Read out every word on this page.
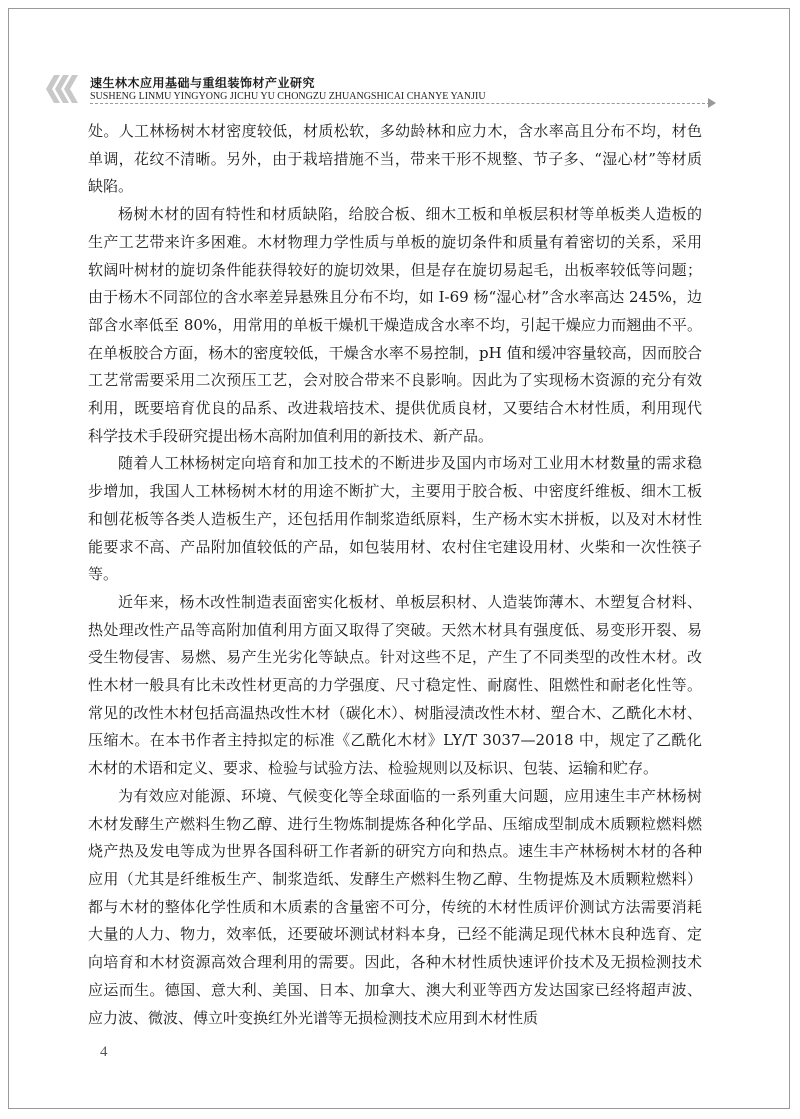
速生林木应用基础与重组装饰材产业研究
SUSHENG LINMU YINGYONG JICHU YU CHONGZU ZHUANGSHICAI CHANYE YANJIU

处。人工林杨树木材密度较低，材质松软，多幼龄林和应力木，含水率高且分布不均，材色单调，花纹不清晰。另外，由于栽培措施不当，带来干形不规整、节子多、“湿心材”等材质缺陷。

杨树木材的固有特性和材质缺陷，给胶合板、细木工板和单板层积材等单板类人造板的生产工艺带来许多困难。木材物理力学性质与单板的旋切条件和质量有着密切的关系，采用软阔叶树材的旋切条件能获得较好的旋切效果，但是存在旋切易起毛，出板率较低等问题；由于杨木不同部位的含水率差异悬殊且分布不均，如 I-69 杨“湿心材”含水率高达 245%，边部含水率低至 80%，用常用的单板干燥机干燥造成含水率不均，引起干燥应力而翘曲不平。在单板胶合方面，杨木的密度较低，干燥含水率不易控制，pH 值和缓冲容量较高，因而胶合工艺常需要采用二次预压工艺，会对胶合带来不良影响。因此为了实现杨木资源的充分有效利用，既要培育优良的品系、改进栽培技术、提供优质良材，又要结合木材性质，利用现代科学技术手段研究提出杨木高附加值利用的新技术、新产品。

随着人工林杨树定向培育和加工技术的不断进步及国内市场对工业用木材数量的需求稳步增加，我国人工林杨树木材的用途不断扩大，主要用于胶合板、中密度纤维板、细木工板和刨花板等各类人造板生产，还包括用作制浆造纸原料，生产杨木实木拼板，以及对木材性能要求不高、产品附加值较低的产品，如包装用材、农村住宅建设用材、火柴和一次性筷子等。

近年来，杨木改性制造表面密实化板材、单板层积材、人造装饰薄木、木塑复合材料、热处理改性产品等高附加值利用方面又取得了突破。天然木材具有强度低、易变形开裂、易受生物侵害、易燃、易产生光劣化等缺点。针对这些不足，产生了不同类型的改性木材。改性木材一般具有比未改性材更高的力学强度、尺寸稳定性、耐腐性、阻燃性和耐老化性等。常见的改性木材包括高温热改性木材（碳化木）、树脂浸渍改性木材、塑合木、乙酰化木材、压缩木。在本书作者主持拟定的标准《乙酰化木材》LY/T 3037—2018 中，规定了乙酰化木材的术语和定义、要求、检验与试验方法、检验规则以及标识、包装、运输和贮存。

为有效应对能源、环境、气候变化等全球面临的一系列重大问题，应用速生丰产林杨树木材发酵生产燃料生物乙醇、进行生物炼制提炼各种化学品、压缩成型制成木质颗粒燃料燃烧产热及发电等成为世界各国科研工作者新的研究方向和热点。速生丰产林杨树木材的各种应用（尤其是纤维板生产、制浆造纸、发酵生产燃料生物乙醇、生物提炼及木质颗粒燃料）都与木材的整体化学性质和木质素的含量密不可分，传统的木材性质评价测试方法需要消耗大量的人力、物力，效率低，还要破坏测试材料本身，已经不能满足现代林木良种选育、定向培育和木材资源高效合理利用的需要。因此，各种木材性质快速评价技术及无损检测技术应运而生。德国、意大利、美国、日本、加拿大、澳大利亚等西方发达国家已经将超声波、应力波、微波、傅立叶变换红外光谱等无损检测技术应用到木材性质

4
